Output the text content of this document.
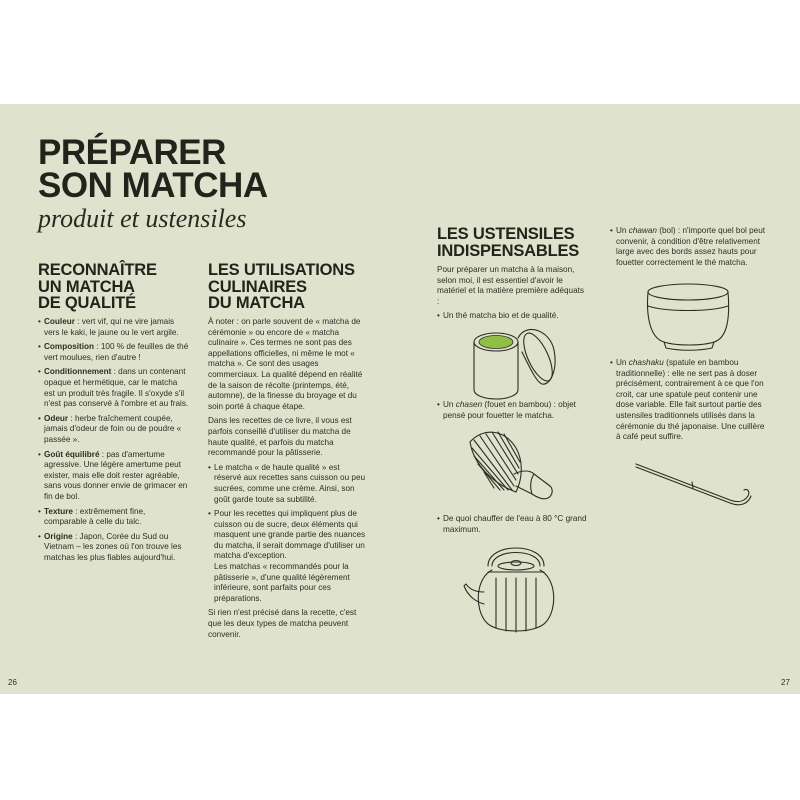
PRÉPARER
SON MATCHA
produit et ustensiles
RECONNAÎTRE
UN MATCHA
DE QUALITÉ
• Couleur : vert vif, qui ne vire jamais vers le kaki, le jaune ou le vert argile.
• Composition : 100 % de feuilles de thé vert moulues, rien d'autre !
• Conditionnement : dans un contenant opaque et hermétique, car le matcha est un produit très fragile. Il s'oxyde s'il n'est pas conservé à l'ombre et au frais.
• Odeur : herbe fraîchement coupée, jamais d'odeur de foin ou de poudre « passée ».
• Goût équilibré : pas d'amertume agressive. Une légère amertume peut exister, mais elle doit rester agréable, sans vous donner envie de grimacer en fin de bol.
• Texture : extrêmement fine, comparable à celle du talc.
• Origine : Japon, Corée du Sud ou Vietnam – les zones où l'on trouve les matchas les plus fiables aujourd'hui.
LES UTILISATIONS
CULINAIRES
DU MATCHA

À noter : on parle souvent de « matcha de cérémonie » ou encore de « matcha culinaire ». Ces termes ne sont pas des appellations officielles, ni même le mot « matcha ». Ce sont des usages commerciaux. La qualité dépend en réalité de la saison de récolte (printemps, été, automne), de la finesse du broyage et du soin porté à chaque étape.

Dans les recettes de ce livre, il vous est parfois conseillé d'utiliser du matcha de haute qualité, et parfois du matcha recommandé pour la pâtisserie.

• Le matcha « de haute qualité » est réservé aux recettes sans cuisson ou peu sucrées, comme une crème. Ainsi, son goût garde toute sa subtilité.
• Pour les recettes qui impliquent plus de cuisson ou de sucre, deux éléments qui masquent une grande partie des nuances du matcha, il serait dommage d'utiliser un matcha d'exception.
Les matchas « recommandés pour la pâtisserie », d'une qualité légèrement inférieure, sont parfaits pour ces préparations.

Si rien n'est précisé dans la recette, c'est que les deux types de matcha peuvent convenir.

LES USTENSILES
INDISPENSABLES

Pour préparer un matcha à la maison, selon moi, il est essentiel d'avoir le matériel et la matière première adéquats :

• Un thé matcha bio et de qualité.
• Un chasen (fouet en bambou) : objet pensé pour fouetter le matcha.
• De quoi chauffer de l'eau à 80 °C grand maximum.
• Un chawan (bol) : n'importe quel bol peut convenir, à condition d'être relativement large avec des bords assez hauts pour fouetter correctement le thé matcha.
• Un chashaku (spatule en bambou traditionnelle) : elle ne sert pas à doser précisément, contrairement à ce que l'on croit, car une spatule peut contenir une dose variable. Elle fait surtout partie des ustensiles traditionnels utilisés dans la cérémonie du thé japonaise. Une cuillère à café peut suffire.
26	27
